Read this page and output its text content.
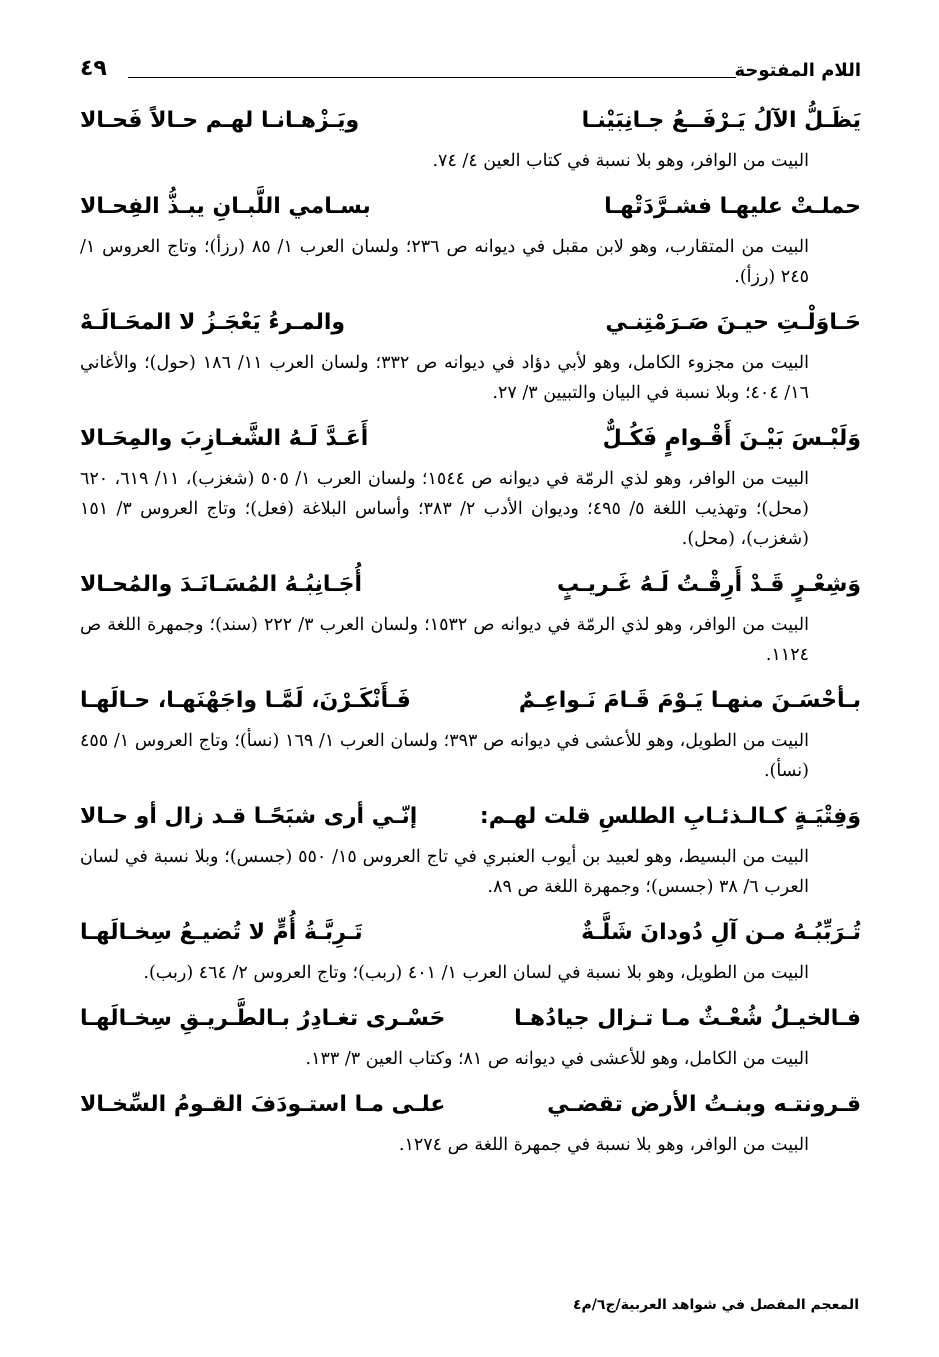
اللام المفتوحة
٤٩
يَظَـلُّ الآلُ يَـرْفَــعُ جـانِبَيْنـا
ويَـزْهـانـا لهـم حـالاً فَحـالا
البيت من الوافر، وهو بلا نسبة في كتاب العين ٤/ ٧٤.
حملـتْ عليهـا فشـرَّدَتْهـا
بسـامي اللَّبـانِ يبـذُّ الفِحـالا
البيت من المتقارب، وهو لابن مقبل في ديوانه ص ٢٣٦؛ ولسان العرب ١/ ٨٥ (رزأ)؛ وتاج العروس ١/ ٢٤٥ (رزأ).
حَـاوَلْـتِ حيـنَ صَـرَمْتِنـي
والمـرءُ يَعْجَـزُ لا المحَـالَـهْ
البيت من مجزوء الكامل، وهو لأبي دؤاد في ديوانه ص ٣٣٢؛ ولسان العرب ١١/ ١٨٦ (حول)؛ والأغاني ١٦/ ٤٠٤؛ وبلا نسبة في البيان والتبيين ٣/ ٢٧.
وَلَبْـسَ بَيْـنَ أَقْـوامٍ فَكُـلٌّ
أَعَـدَّ لَـهُ الشَّغـازِبَ والمِحَـالا
البيت من الوافر، وهو لذي الرمّة في ديوانه ص ١٥٤٤؛ ولسان العرب ١/ ٥٠٥ (شغزب)، ١١/ ٦١٩، ٦٢٠ (محل)؛ وتهذيب اللغة ٥/ ٤٩٥؛ وديوان الأدب ٢/ ٣٨٣؛ وأساس البلاغة (فعل)؛ وتاج العروس ٣/ ١٥١ (شغزب)، (محل).
وَشِعْـرٍ قَـدْ أَرِقْـتُ لَـهُ غَـريـبٍ
أُجَـانِبُـهُ المُسَـانَـدَ والمُحـالا
البيت من الوافر، وهو لذي الرمّة في ديوانه ص ١٥٣٢؛ ولسان العرب ٣/ ٢٢٢ (سند)؛ وجمهرة اللغة ص ١١٢٤.
بـأحْسَـنَ منهـا يَـوْمَ قَـامَ نَـواعِـمٌ
فَـأَنْكَـرْنَ، لَمَّـا واجَهْنَهـا، حـالَهـا
البيت من الطويل، وهو للأعشى في ديوانه ص ٣٩٣؛ ولسان العرب ١/ ١٦٩ (نسأ)؛ وتاج العروس ١/ ٤٥٥ (نسأ).
وَفِتْيَـةٍ كـالـذئـابِ الطلسِ قلت لهـم:
إنّـي أرى شبَحًـا قـد زال أو حـالا
البيت من البسيط، وهو لعبيد بن أيوب العنبري في تاج العروس ١٥/ ٥٥٠ (جسس)؛ وبلا نسبة في لسان العرب ٦/ ٣٨ (جسس)؛ وجمهرة اللغة ص ٨٩.
تُـرَبِّبُـهُ مـن آلِ دُودانَ شَلَّـةٌ
تَـرِبَّـةُ أُمٍّ لا تُضيـعُ سِخـالَهـا
البيت من الطويل، وهو بلا نسبة في لسان العرب ١/ ٤٠١ (ربب)؛ وتاج العروس ٢/ ٤٦٤ (ربب).
فـالخيـلُ شُعْـثٌ مـا تـزال جيادُهـا
حَسْـرى تغـادِرُ بـالطَّـريـقِ سِخـالَهـا
البيت من الكامل، وهو للأعشى في ديوانه ص ٨١؛ وكتاب العين ٣/ ١٣٣.
قـرونتـه وبنـتُ الأرض تقضـي
علـى مـا استـودَفَ القـومُ السِّخـالا
البيت من الوافر، وهو بلا نسبة في جمهرة اللغة ص ١٢٧٤.
المعجم المفصل في شواهد العربية/ج٦/م٤
